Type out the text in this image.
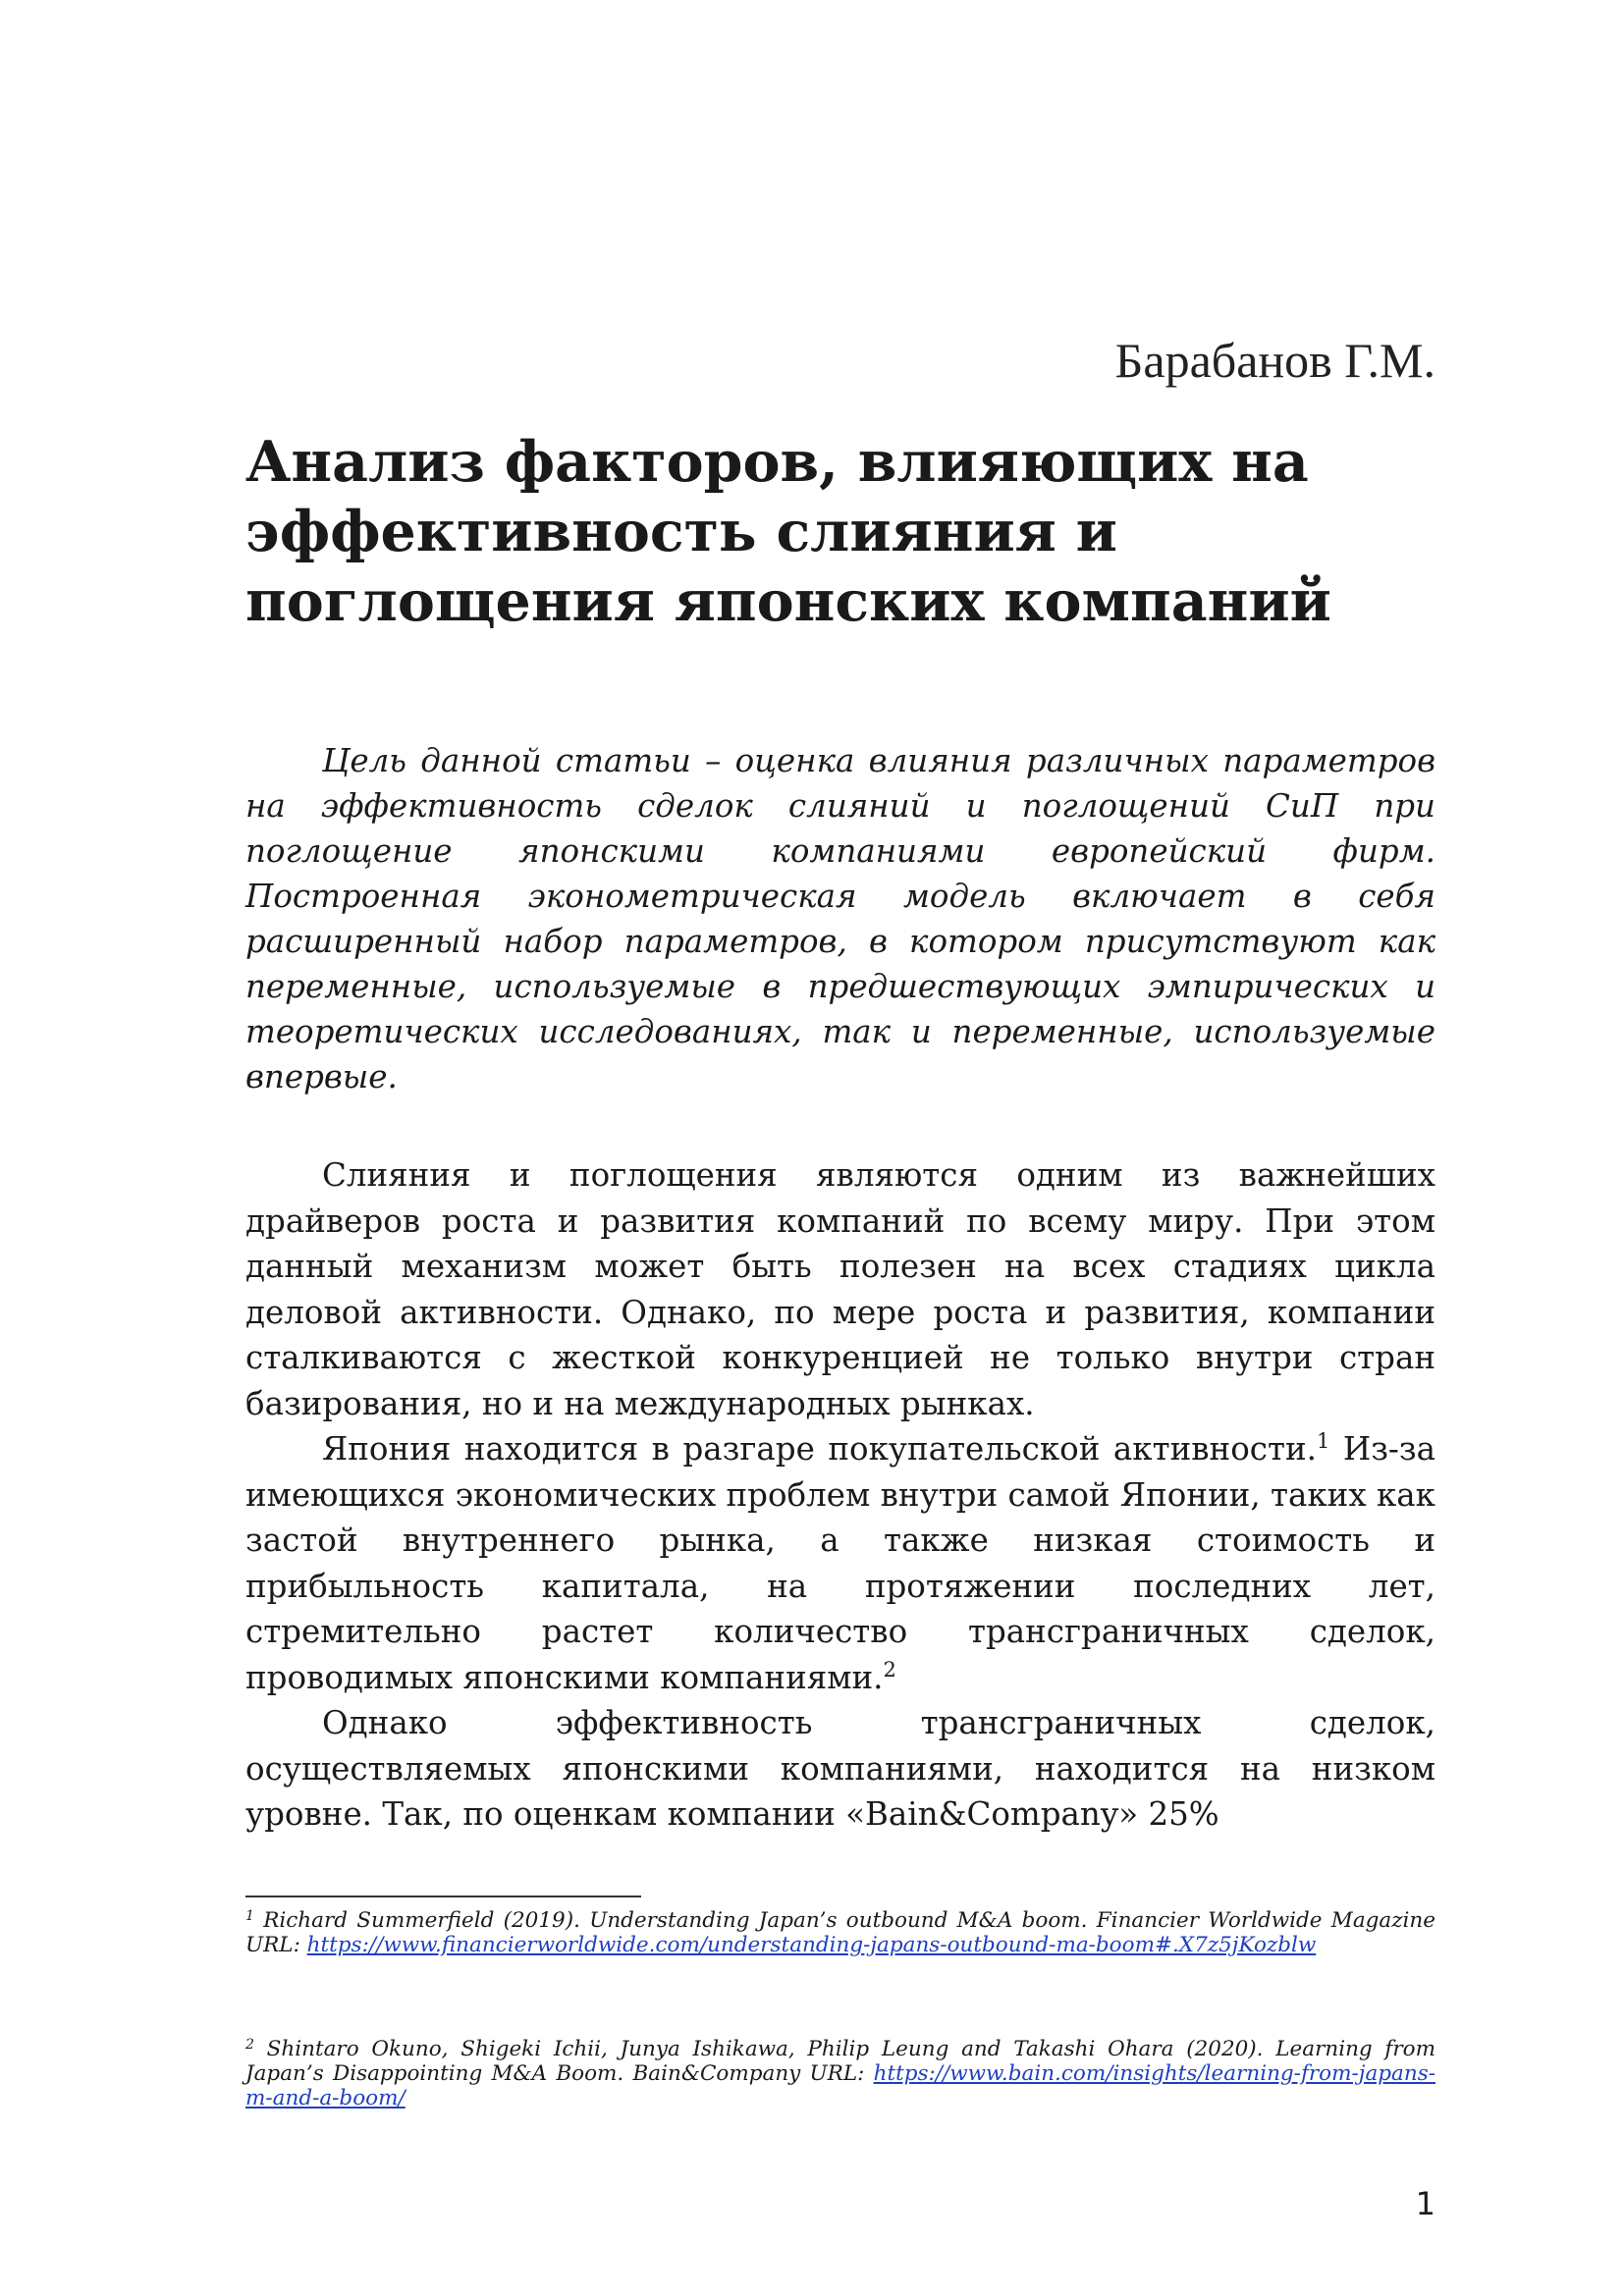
Барабанов Г.М.
Анализ факторов, влияющих на эффективность слияния и поглощения японских компаний

Цель данной статьи – оценка влияния различных параметров на эффективность сделок слияний и поглощений СиП при поглощение японскими компаниями европейский фирм. Построенная эконометрическая модель включает в себя расширенный набор параметров, в котором присутствуют как переменные, используемые в предшествующих эмпирических и теоретических исследованиях, так и переменные, используемые впервые.

Слияния и поглощения являются одним из важнейших драйверов роста и развития компаний по всему миру. При этом данный механизм может быть полезен на всех стадиях цикла деловой активности. Однако, по мере роста и развития, компании сталкиваются с жесткой конкуренцией не только внутри стран базирования, но и на международных рынках.

Япония находится в разгаре покупательской активности.$^1$ Из-за имеющихся экономических проблем внутри самой Японии, таких как застой внутреннего рынка, а также низкая стоимость и прибыльность капитала, на протяжении последних лет, стремительно растет количество трансграничных сделок, проводимых японскими компаниями.$^2$

Однако эффективность трансграничных сделок, осуществляемых японскими компаниями, находится на низком уровне. Так, по оценкам компании «Bain&Company» 25%

$^1$ Richard Summerfield (2019). Understanding Japan’s outbound M&A boom. Financier Worldwide Magazine URL: https://www.financierworldwide.com/understanding-japans-outbound-ma-boom#.X7z5jKozblw

$^2$ Shintaro Okuno, Shigeki Ichii, Junya Ishikawa, Philip Leung and Takashi Ohara (2020). Learning from Japan’s Disappointing M&A Boom. Bain&Company URL: https://www.bain.com/insights/learning-from-japans-m-and-a-boom/

1
